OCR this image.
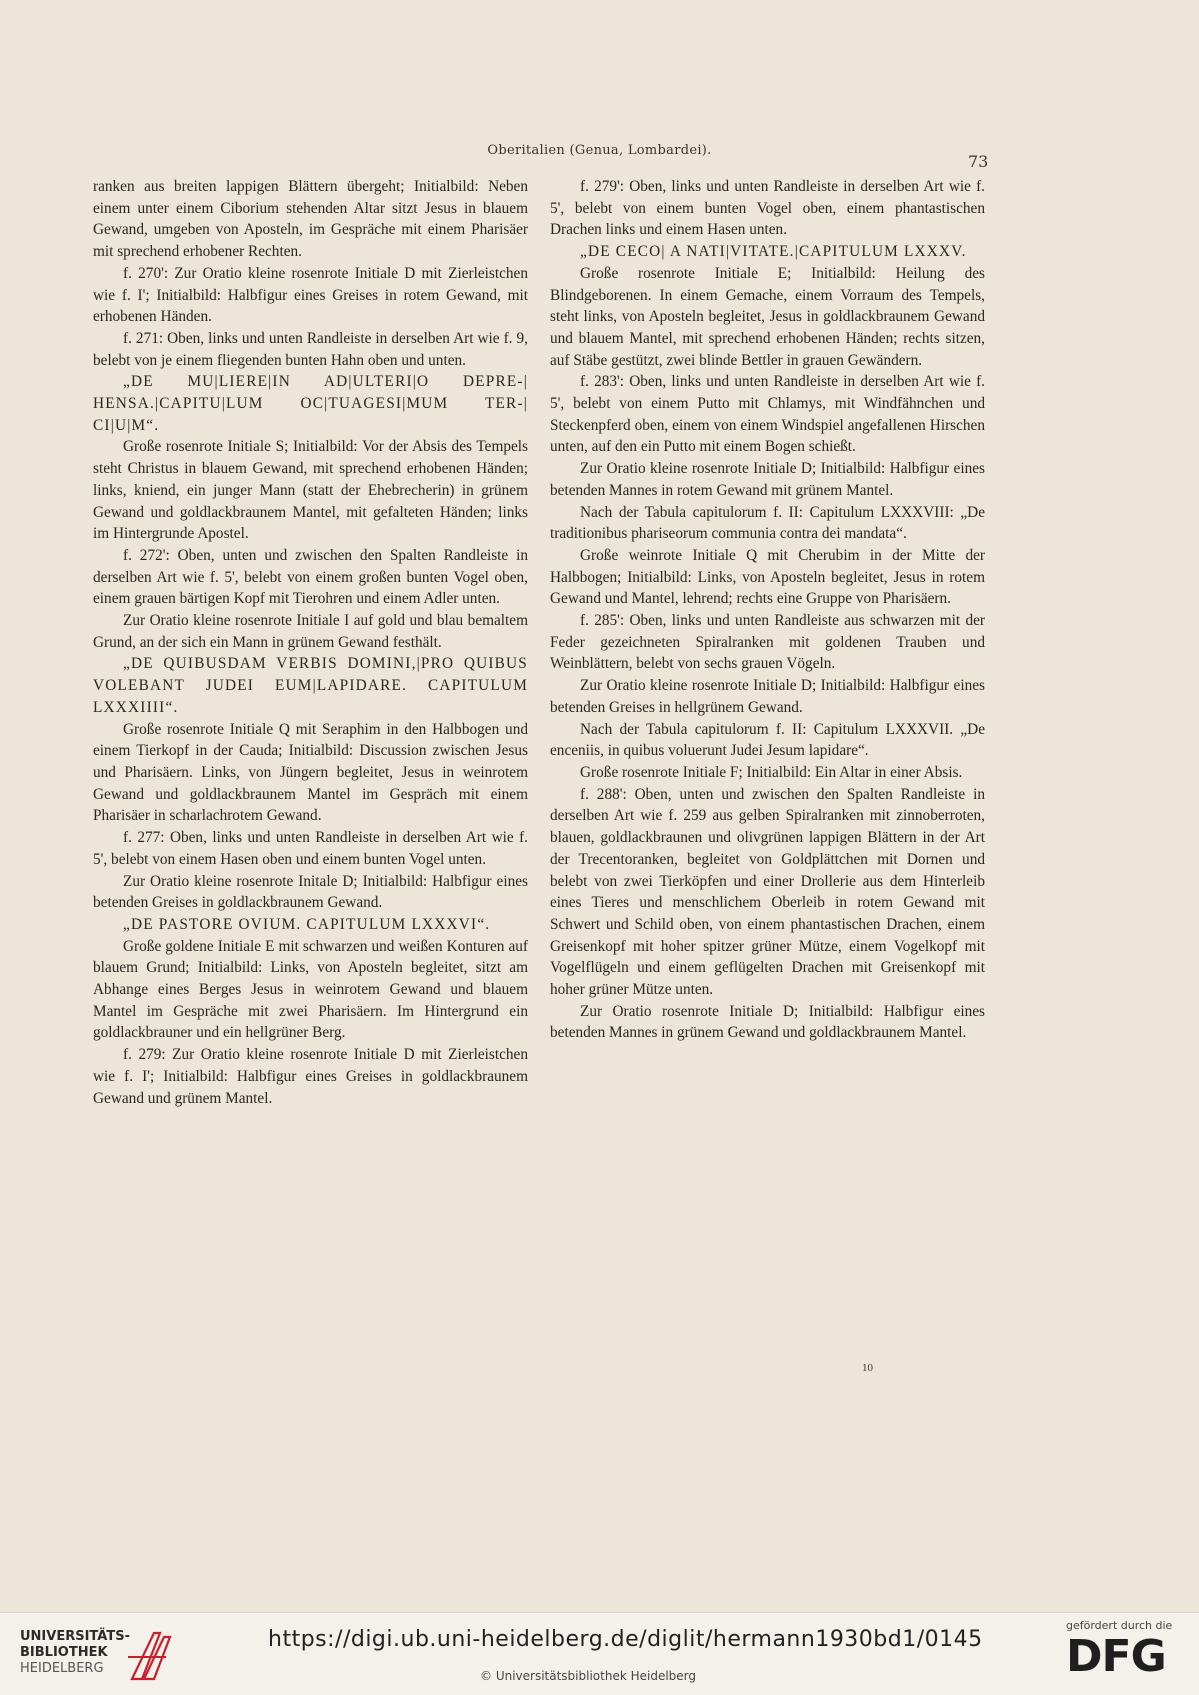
Oberitalien (Genua, Lombardei).
73

ranken aus breiten lappigen Blättern übergeht; Initialbild: Neben einem unter einem Ciborium stehenden Altar sitzt Jesus in blauem Gewand, umgeben von Aposteln, im Gespräche mit einem Pharisäer mit sprechend erhobener Rechten.

f. 270': Zur Oratio kleine rosenrote Initiale D mit Zierleistchen wie f. I'; Initialbild: Halbfigur eines Greises in rotem Gewand, mit erhobenen Händen.

f. 271: Oben, links und unten Randleiste in derselben Art wie f. 9, belebt von je einem fliegenden bunten Hahn oben und unten.

„DE MU|LIERE|IN AD|ULTERI|O DEPRE-| HENSA.|CAPITU|LUM OC|TUAGESI|MUM TER-| CI|U|M“.

Große rosenrote Initiale S; Initialbild: Vor der Absis des Tempels steht Christus in blauem Gewand, mit sprechend erhobenen Händen; links, kniend, ein junger Mann (statt der Ehebrecherin) in grünem Gewand und goldlackbraunem Mantel, mit gefalteten Händen; links im Hintergrunde Apostel.

f. 272': Oben, unten und zwischen den Spalten Randleiste in derselben Art wie f. 5', belebt von einem großen bunten Vogel oben, einem grauen bärtigen Kopf mit Tierohren und einem Adler unten.

Zur Oratio kleine rosenrote Initiale I auf gold und blau bemaltem Grund, an der sich ein Mann in grünem Gewand festhält.

„DE QUIBUSDAM VERBIS DOMINI,|PRO QUIBUS VOLEBANT JUDEI EUM|LAPIDARE. CAPITULUM LXXXIIII“.

Große rosenrote Initiale Q mit Seraphim in den Halbbogen und einem Tierkopf in der Cauda; Initialbild: Discussion zwischen Jesus und Pharisäern. Links, von Jüngern begleitet, Jesus in weinrotem Gewand und goldlackbraunem Mantel im Gespräch mit einem Pharisäer in scharlachrotem Gewand.

f. 277: Oben, links und unten Randleiste in derselben Art wie f. 5', belebt von einem Hasen oben und einem bunten Vogel unten.

Zur Oratio kleine rosenrote Initale D; Initialbild: Halbfigur eines betenden Greises in goldlackbraunem Gewand.

„DE PASTORE OVIUM. CAPITULUM LXXXVI“.

Große goldene Initiale E mit schwarzen und weißen Konturen auf blauem Grund; Initialbild: Links, von Aposteln begleitet, sitzt am Abhange eines Berges Jesus in weinrotem Gewand und blauem Mantel im Gespräche mit zwei Pharisäern. Im Hintergrund ein goldlackbrauner und ein hellgrüner Berg.

f. 279: Zur Oratio kleine rosenrote Initiale D mit Zierleistchen wie f. I'; Initialbild: Halbfigur eines Greises in goldlackbraunem Gewand und grünem Mantel.

f. 279': Oben, links und unten Randleiste in derselben Art wie f. 5', belebt von einem bunten Vogel oben, einem phantastischen Drachen links und einem Hasen unten.

„DE CECO| A NATI|VITATE.|CAPITULUM LXXXV.

Große rosenrote Initiale E; Initialbild: Heilung des Blindgeborenen. In einem Gemache, einem Vorraum des Tempels, steht links, von Aposteln begleitet, Jesus in goldlackbraunem Gewand und blauem Mantel, mit sprechend erhobenen Händen; rechts sitzen, auf Stäbe gestützt, zwei blinde Bettler in grauen Gewändern.

f. 283': Oben, links und unten Randleiste in derselben Art wie f. 5', belebt von einem Putto mit Chlamys, mit Windfähnchen und Steckenpferd oben, einem von einem Windspiel angefallenen Hirschen unten, auf den ein Putto mit einem Bogen schießt.

Zur Oratio kleine rosenrote Initiale D; Initialbild: Halbfigur eines betenden Mannes in rotem Gewand mit grünem Mantel.

Nach der Tabula capitulorum f. II: Capitulum LXXXVIII: „De traditionibus phariseorum communia contra dei mandata“.

Große weinrote Initiale Q mit Cherubim in der Mitte der Halbbogen; Initialbild: Links, von Aposteln begleitet, Jesus in rotem Gewand und Mantel, lehrend; rechts eine Gruppe von Pharisäern.

f. 285': Oben, links und unten Randleiste aus schwarzen mit der Feder gezeichneten Spiralranken mit goldenen Trauben und Weinblättern, belebt von sechs grauen Vögeln.

Zur Oratio kleine rosenrote Initiale D; Initialbild: Halbfigur eines betenden Greises in hellgrünem Gewand.

Nach der Tabula capitulorum f. II: Capitulum LXXXVII. „De enceniis, in quibus voluerunt Judei Jesum lapidare“.

Große rosenrote Initiale F; Initialbild: Ein Altar in einer Absis.

f. 288': Oben, unten und zwischen den Spalten Randleiste in derselben Art wie f. 259 aus gelben Spiralranken mit zinnoberroten, blauen, goldlackbraunen und olivgrünen lappigen Blättern in der Art der Trecentoranken, begleitet von Goldplättchen mit Dornen und belebt von zwei Tierköpfen und einer Drollerie aus dem Hinterleib eines Tieres und menschlichem Oberleib in rotem Gewand mit Schwert und Schild oben, von einem phantastischen Drachen, einem Greisenkopf mit hoher spitzer grüner Mütze, einem Vogelkopf mit Vogelflügeln und einem geflügelten Drachen mit Greisenkopf mit hoher grüner Mütze unten.

Zur Oratio rosenrote Initiale D; Initialbild: Halbfigur eines betenden Mannes in grünem Gewand und goldlackbraunem Mantel.

10
UNIVERSITÄTS-
BIBLIOTHEK
HEIDELBERG
https://digi.ub.uni-heidelberg.de/diglit/hermann1930bd1/0145
© Universitätsbibliothek Heidelberg
gefördert durch die
DFG
